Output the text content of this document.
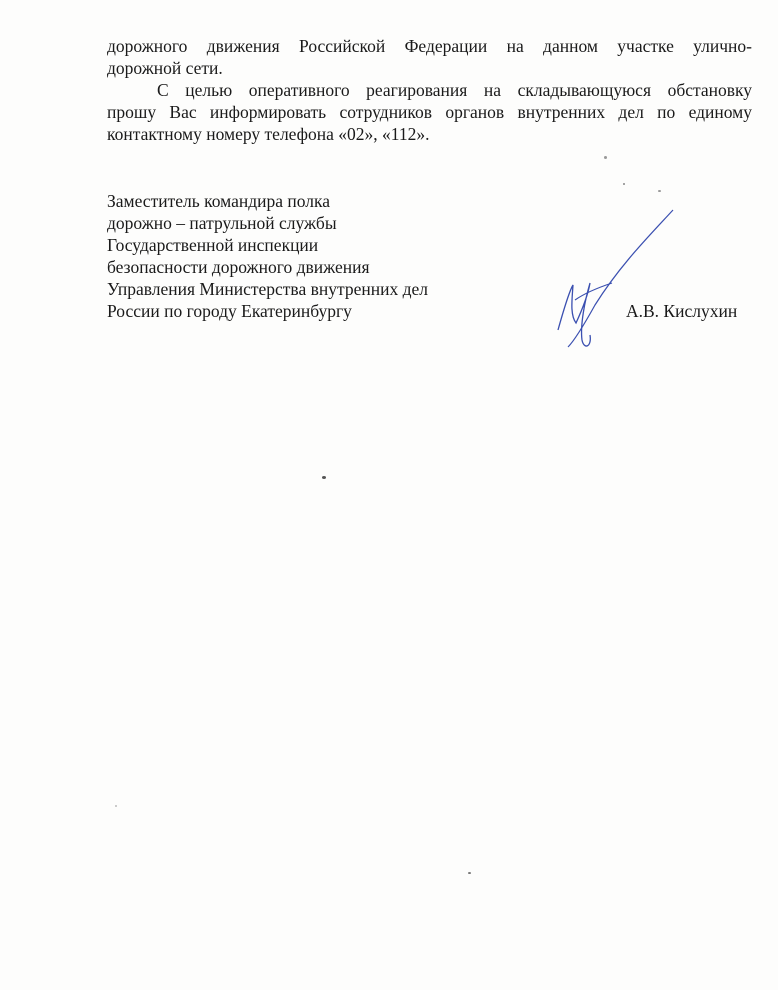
дорожного движения Российской Федерации на данном участке улично-
дорожной сети.
С целью оперативного реагирования на складывающуюся обстановку
прошу Вас информировать сотрудников органов внутренних дел по единому
контактному номеру телефона «02», «112».
Заместитель командира полка
дорожно – патрульной службы
Государственной инспекции
безопасности дорожного движения
Управления Министерства внутренних дел
России по городу Екатеринбургу	А.В. Кислухин
